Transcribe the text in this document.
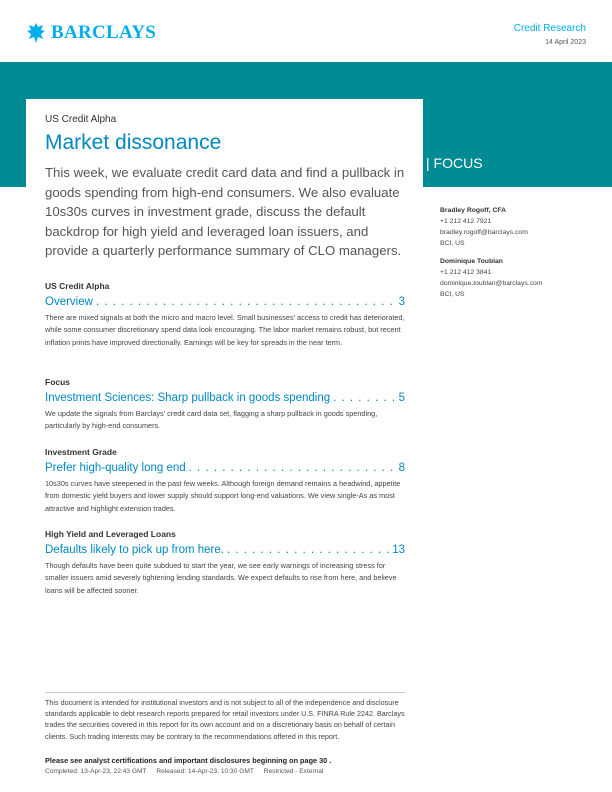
BARCLAYS	Credit Research
14 April 2023
US Credit Alpha
Market dissonance
This week, we evaluate credit card data and find a pullback in goods spending from high-end consumers. We also evaluate 10s30s curves in investment grade, discuss the default backdrop for high yield and leveraged loan issuers, and provide a quarterly performance summary of CLO managers.
| FOCUS
Bradley Rogoff, CFA
+1 212 412 7921
bradley.rogoff@barclays.com
BCI, US
Dominique Toublan
+1 212 412 3841
dominique.toublan@barclays.com
BCI, US
US Credit Alpha
Overview . . .	3
There are mixed signals at both the micro and macro level. Small businesses' access to credit has deteriorated, while some consumer discretionary spend data look encouraging. The labor market remains robust, but recent inflation prints have improved directionally. Earnings will be key for spreads in the near term.
Focus
Investment Sciences: Sharp pullback in goods spending . . .	5
We update the signals from Barclays' credit card data set, flagging a sharp pullback in goods spending, particularly by high-end consumers.
Investment Grade
Prefer high-quality long end . . .	8
10s30s curves have steepened in the past few weeks. Although foreign demand remains a headwind, appetite from domestic yield buyers and lower supply should support long-end valuations. We view single-As as most attractive and highlight extension trades.
High Yield and Leveraged Loans
Defaults likely to pick up from here. . . .	13
Though defaults have been quite subdued to start the year, we see early warnings of increasing stress for smaller issuers amid severely tightening lending standards. We expect defaults to rise from here, and believe loans will be affected sooner.
This document is intended for institutional investors and is not subject to all of the independence and disclosure standards applicable to debt research reports prepared for retail investors under U.S. FINRA Rule 2242. Barclays trades the securities covered in this report for its own account and on a discretionary basis on behalf of certain clients. Such trading interests may be contrary to the recommendations offered in this report.
Please see analyst certifications and important disclosures beginning on page 30 .
Completed: 13-Apr-23, 22:43 GMT Released: 14-Apr-23, 10:30 GMT Restricted - External
